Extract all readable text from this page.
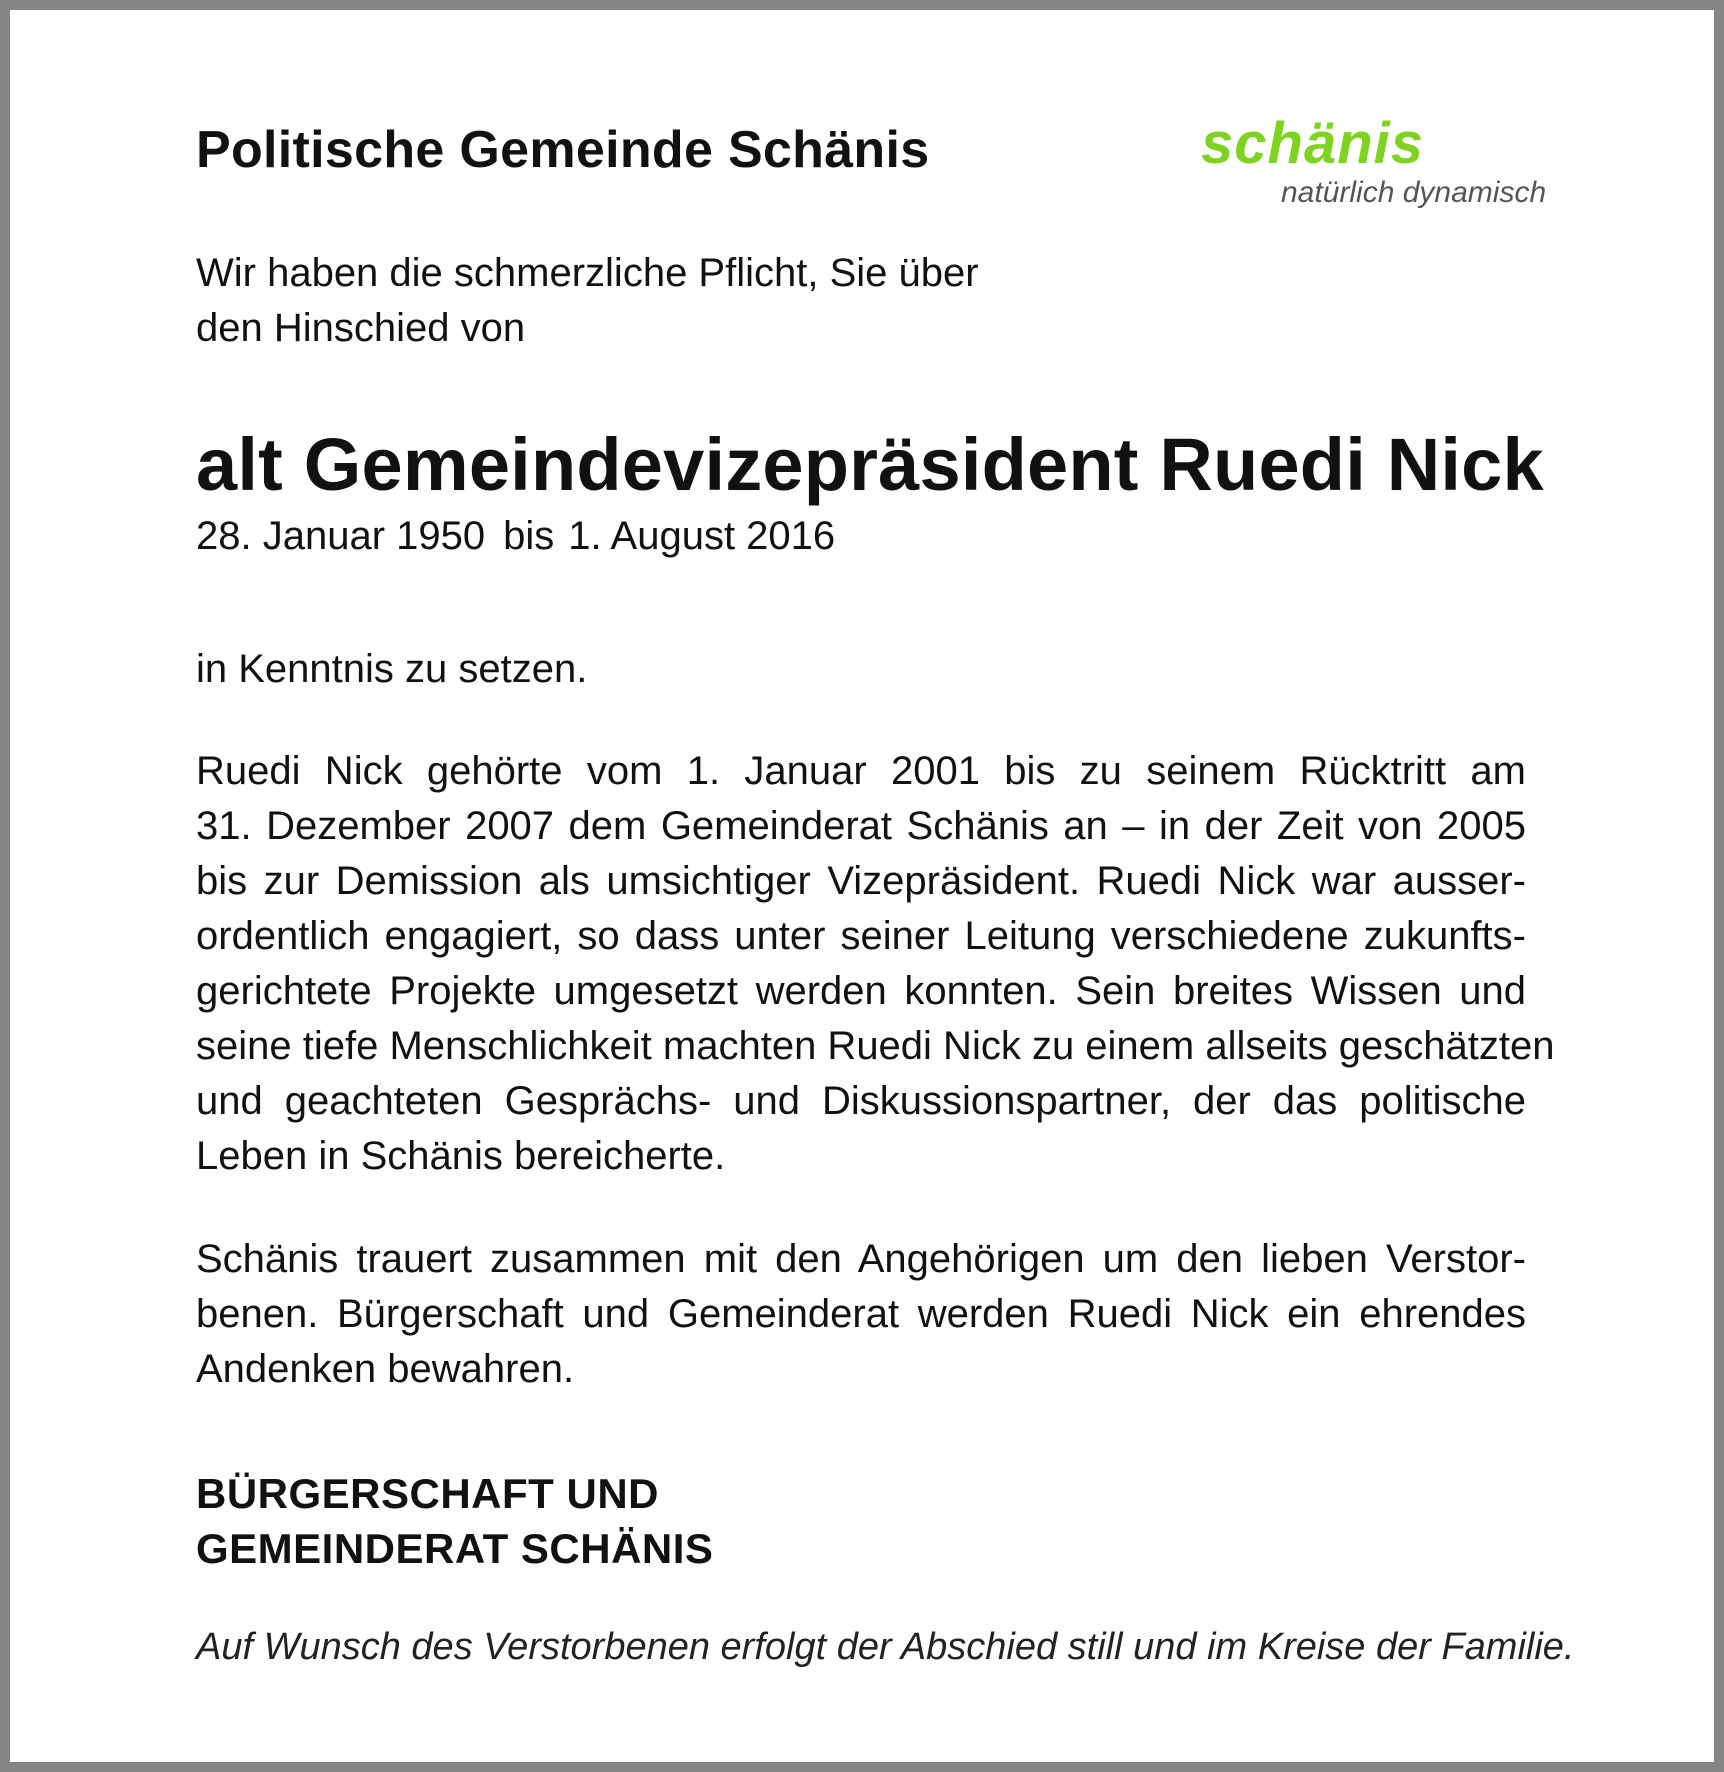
Politische Gemeinde Schänis	schänis
natürlich dynamisch
Wir haben die schmerzliche Pflicht, Sie über
den Hinschied von
alt Gemeindevizepräsident Ruedi Nick
28. Januar 1950 bis 1. August 2016
in Kenntnis zu setzen.
Ruedi Nick gehörte vom 1. Januar 2001 bis zu seinem Rücktritt am
31. Dezember 2007 dem Gemeinderat Schänis an – in der Zeit von 2005
bis zur Demission als umsichtiger Vizepräsident. Ruedi Nick war ausser-
ordentlich engagiert, so dass unter seiner Leitung verschiedene zukunfts-
gerichtete Projekte umgesetzt werden konnten. Sein breites Wissen und
seine tiefe Menschlichkeit machten Ruedi Nick zu einem allseits geschätzten
und geachteten Gesprächs- und Diskussionspartner, der das politische
Leben in Schänis bereicherte.
Schänis trauert zusammen mit den Angehörigen um den lieben Verstor-
benen. Bürgerschaft und Gemeinderat werden Ruedi Nick ein ehrendes
Andenken bewahren.
BÜRGERSCHAFT UND
GEMEINDERAT SCHÄNIS
Auf Wunsch des Verstorbenen erfolgt der Abschied still und im Kreise der Familie.
